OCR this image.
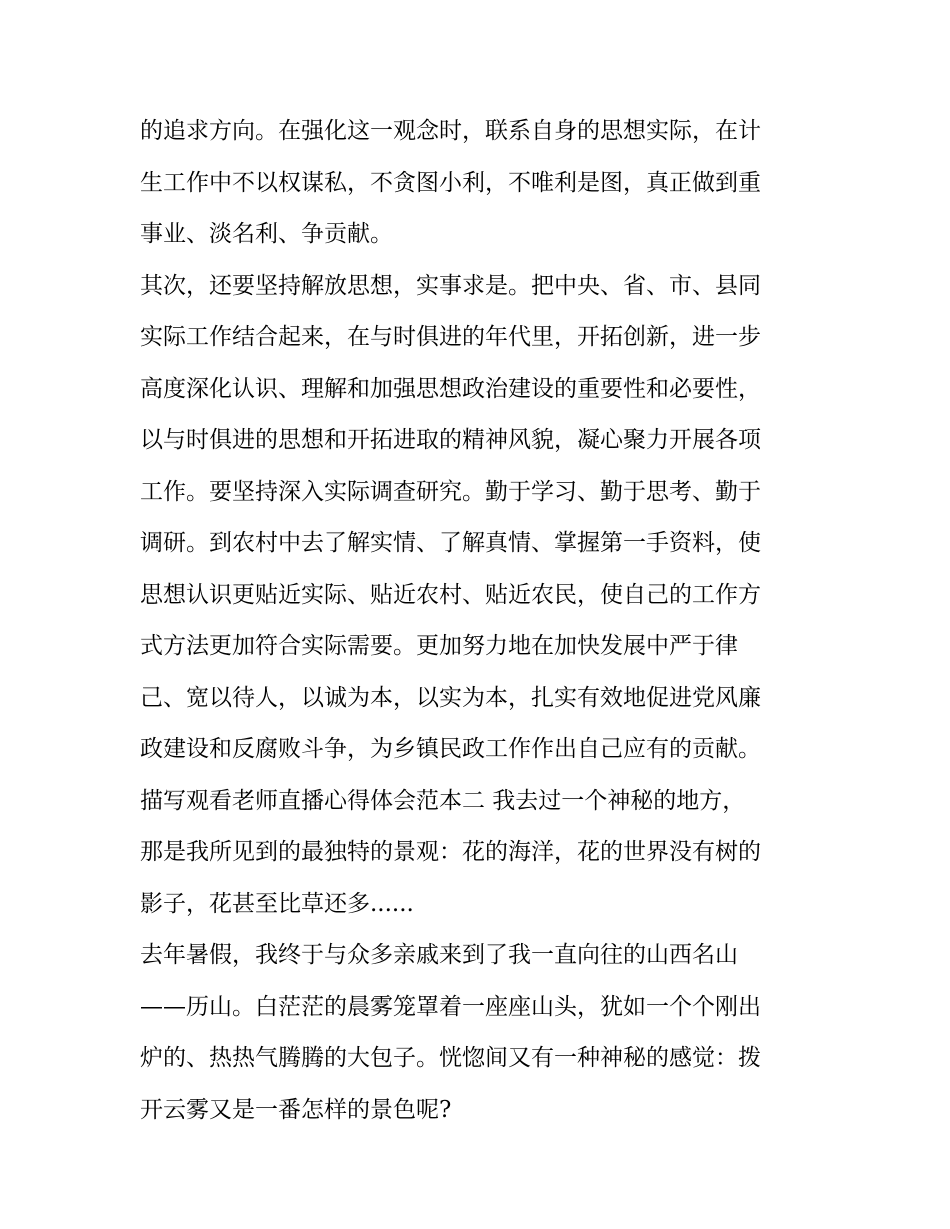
的追求方向。在强化这一观念时，联系自身的思想实际，在计
生工作中不以权谋私，不贪图小利，不唯利是图，真正做到重
事业、淡名利、争贡献。
其次，还要坚持解放思想，实事求是。把中央、省、市、县同
实际工作结合起来，在与时俱进的年代里，开拓创新，进一步
高度深化认识、理解和加强思想政治建设的重要性和必要性，
以与时俱进的思想和开拓进取的精神风貌，凝心聚力开展各项
工作。要坚持深入实际调查研究。勤于学习、勤于思考、勤于
调研。到农村中去了解实情、了解真情、掌握第一手资料，使
思想认识更贴近实际、贴近农村、贴近农民，使自己的工作方
式方法更加符合实际需要。更加努力地在加快发展中严于律
己、宽以待人，以诚为本，以实为本，扎实有效地促进党风廉
政建设和反腐败斗争，为乡镇民政工作作出自己应有的贡献。
描写观看老师直播心得体会范本二 我去过一个神秘的地方，
那是我所见到的最独特的景观：花的海洋，花的世界没有树的
影子，花甚至比草还多......
去年暑假，我终于与众多亲戚来到了我一直向往的山西名山
——历山。白茫茫的晨雾笼罩着一座座山头，犹如一个个刚出
炉的、热热气腾腾的大包子。恍惚间又有一种神秘的感觉：拨
开云雾又是一番怎样的景色呢?
